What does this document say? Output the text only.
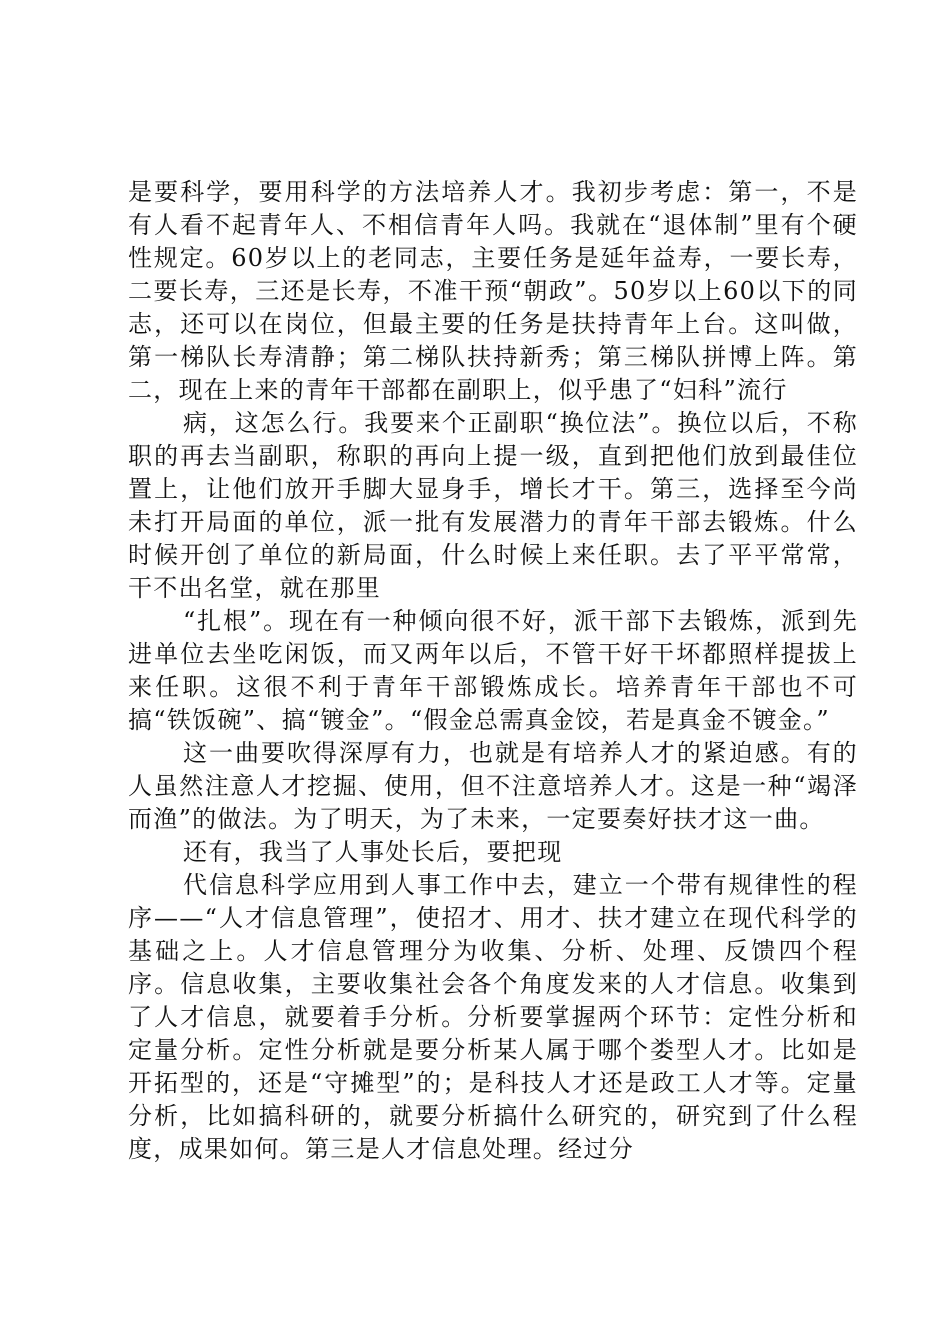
是要科学，要用科学的方法培养人才。我初步考虑：第一，不是有人看不起青年人、不相信青年人吗。我就在“退体制”里有个硬性规定。60岁以上的老同志，主要任务是延年益寿，一要长寿，二要长寿，三还是长寿，不准干预“朝政”。50岁以上60以下的同志，还可以在岗位，但最主要的任务是扶持青年上台。这叫做，第一梯队长寿清静；第二梯队扶持新秀；第三梯队拼博上阵。第二，现在上来的青年干部都在副职上，似乎患了“妇科”流行

病，这怎么行。我要来个正副职“换位法”。换位以后，不称职的再去当副职，称职的再向上提一级，直到把他们放到最佳位置上，让他们放开手脚大显身手，增长才干。第三，选择至今尚未打开局面的单位，派一批有发展潜力的青年干部去锻炼。什么时候开创了单位的新局面，什么时候上来任职。去了平平常常，干不出名堂，就在那里

“扎根”。现在有一种倾向很不好，派干部下去锻炼，派到先进单位去坐吃闲饭，而又两年以后，不管干好干坏都照样提拔上来任职。这很不利于青年干部锻炼成长。培养青年干部也不可搞“铁饭碗”、搞“镀金”。“假金总需真金饺，若是真金不镀金。”

这一曲要吹得深厚有力，也就是有培养人才的紧迫感。有的人虽然注意人才挖掘、使用，但不注意培养人才。这是一种“竭泽而渔”的做法。为了明天，为了未来，一定要奏好扶才这一曲。

还有，我当了人事处长后，要把现

代信息科学应用到人事工作中去，建立一个带有规律性的程序——“人才信息管理”，使招才、用才、扶才建立在现代科学的基础之上。人才信息管理分为收集、分析、处理、反馈四个程序。信息收集，主要收集社会各个角度发来的人才信息。收集到了人才信息，就要着手分析。分析要掌握两个环节：定性分析和定量分析。定性分析就是要分析某人属于哪个娄型人才。比如是开拓型的，还是“守摊型”的；是科技人才还是政工人才等。定量分析，比如搞科研的，就要分析搞什么研究的，研究到了什么程度，成果如何。第三是人才信息处理。经过分
